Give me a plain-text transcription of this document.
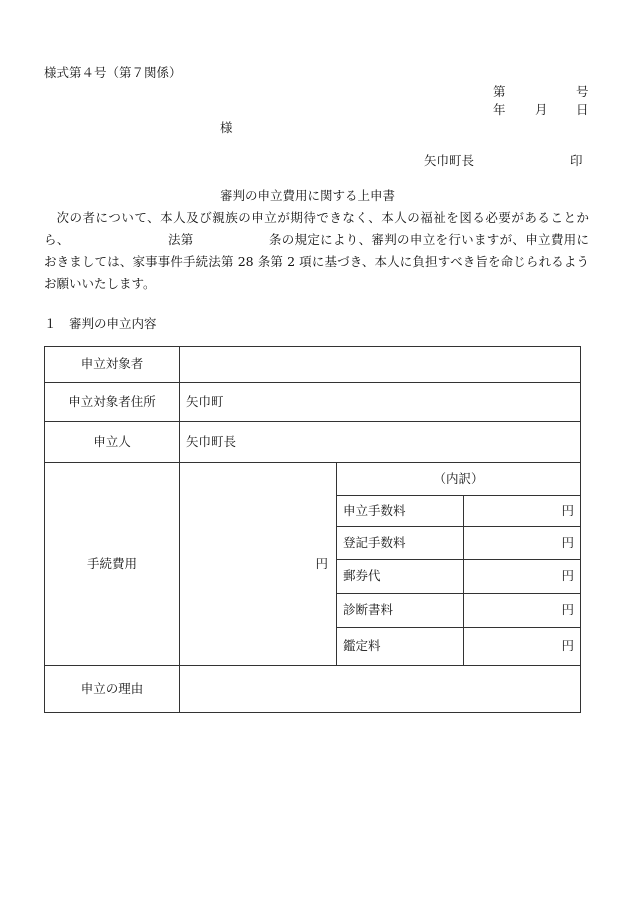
様式第４号（第７関係）
第	号
年 月 日
様
矢巾町長	印
審判の申立費用に関する上申書
次の者について、本人及び親族の申立が期待できなく、本人の福祉を図る必要があることから、	法第	条の規定により、審判の申立を行いますが、申立費用におきましては、家事事件手続法第 28 条第 2 項に基づき、本人に負担すべき旨を命じられるようお願いいたします。
１　審判の申立内容
申立対象者			
申立対象者住所	矢巾町		
申立人	矢巾町長		
手続費用	円	（内訳）	
		申立手数料	円
		登記手数料	円
		郵券代	円
		診断書料	円
		鑑定料	円
申立の理由			
